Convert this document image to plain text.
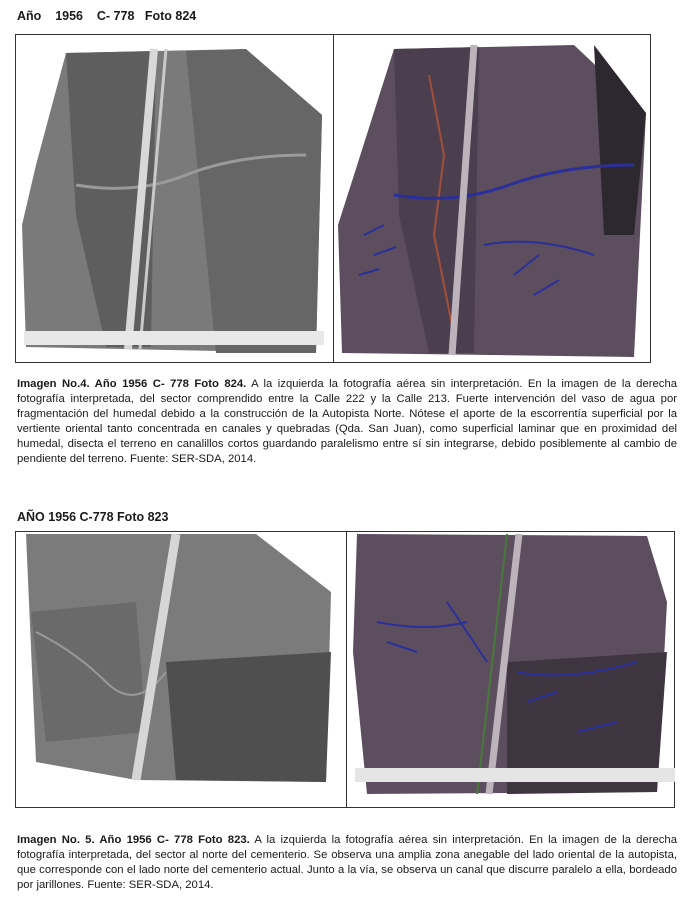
Año    1956    C- 778   Foto 824

Imagen No.4. Año 1956 C- 778 Foto 824. A la izquierda la fotografía aérea sin interpretación. En la imagen de la derecha fotografía interpretada, del sector comprendido entre la Calle 222 y la Calle 213. Fuerte intervención del vaso de agua por fragmentación del humedal debido a la construcción de la Autopista Norte. Nótese el aporte de la escorrentía superficial por la vertiente oriental tanto concentrada en canales y quebradas (Qda. San Juan), como superficial laminar que en proximidad del humedal, disecta el terreno en canalillos cortos guardando paralelismo entre sí sin integrarse, debido posiblemente al cambio de pendiente del terreno. Fuente: SER-SDA, 2014.

AÑO 1956 C-778 Foto 823

Imagen No. 5. Año 1956 C- 778 Foto 823. A la izquierda la fotografía aérea sin interpretación. En la imagen de la derecha fotografía interpretada, del sector al norte del cementerio. Se observa una amplia zona anegable del lado oriental de la autopista, que corresponde con el lado norte del cementerio actual. Junto a la vía, se observa un canal que discurre paralelo a ella, bordeado por jarillones. Fuente: SER-SDA, 2014.
